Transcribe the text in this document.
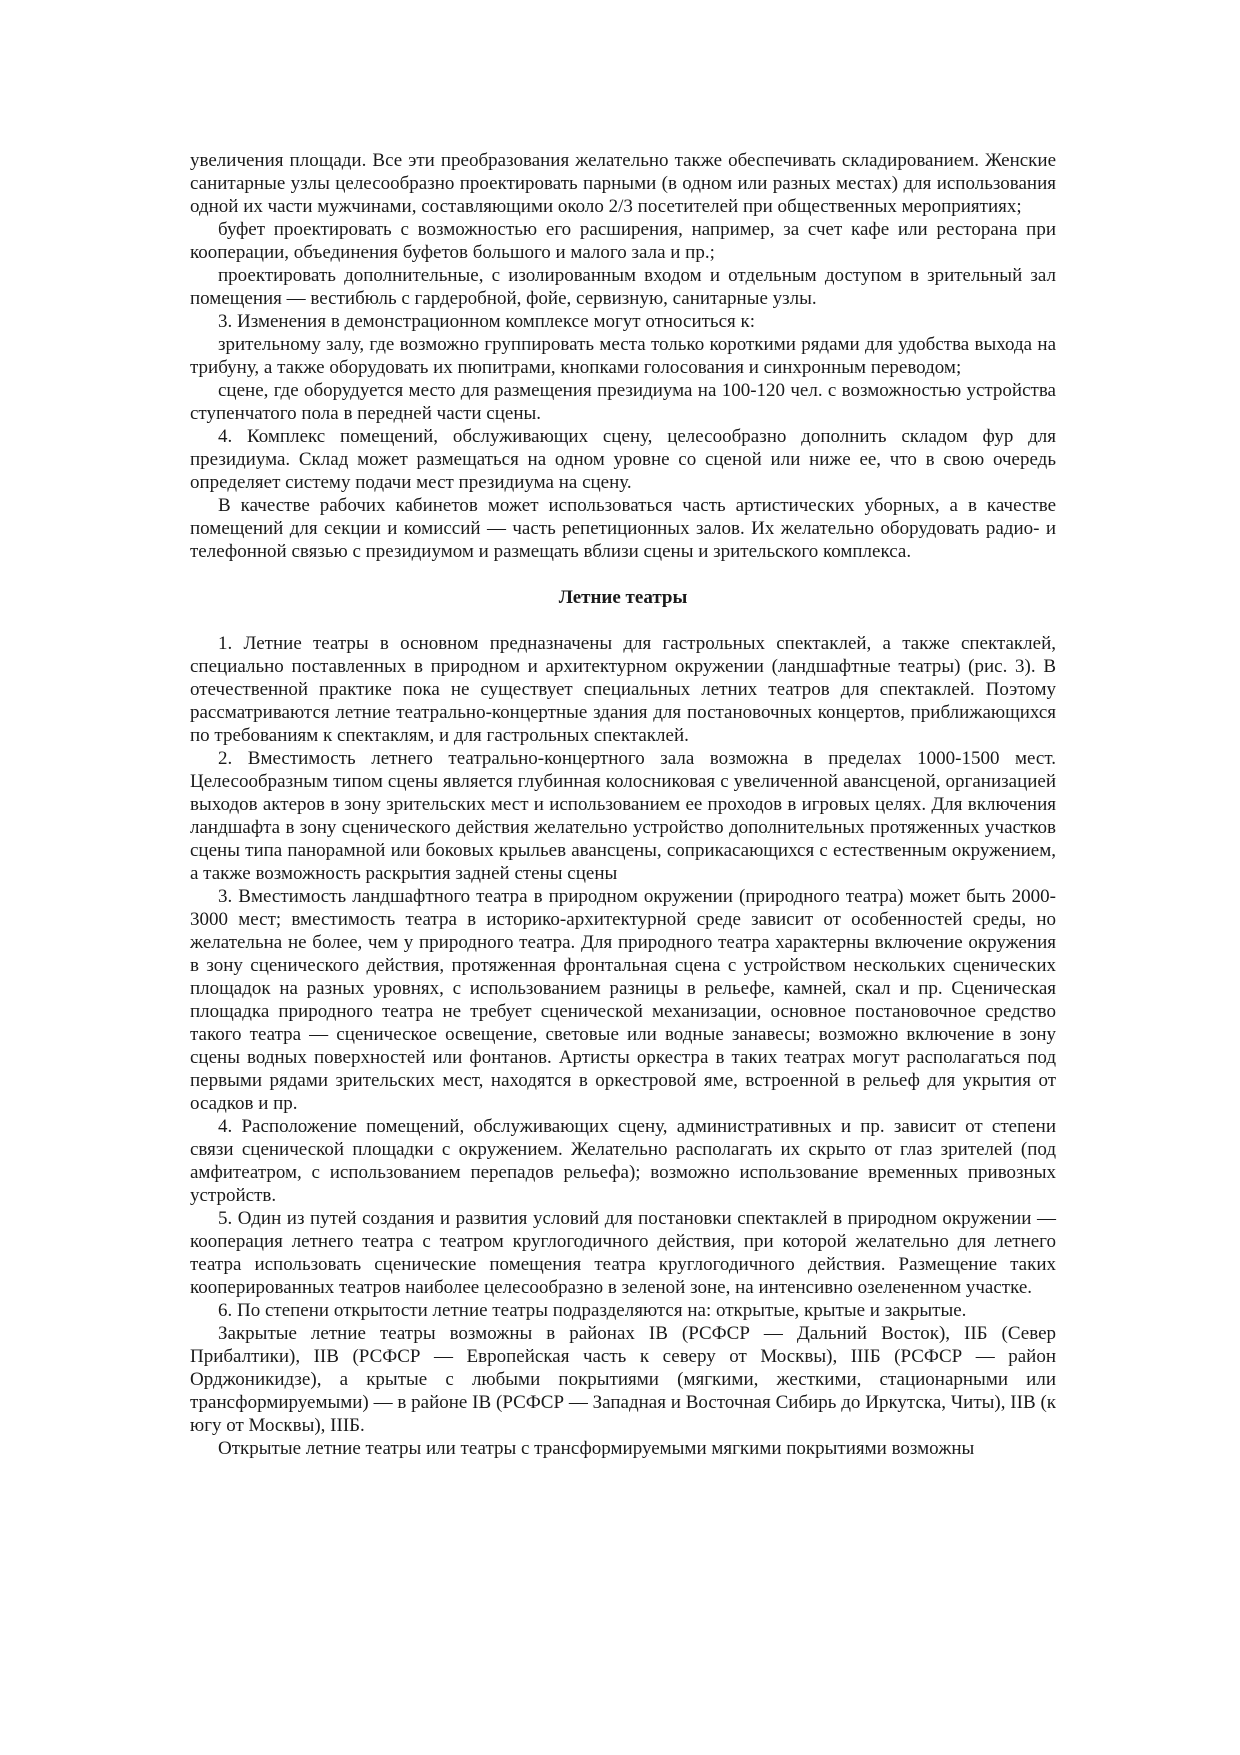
увеличения площади. Все эти преобразования желательно также обеспечивать складированием. Женские санитарные узлы целесообразно проектировать парными (в одном или разных местах) для использования одной их части мужчинами, составляющими около 2/3 посетителей при общественных мероприятиях;

буфет проектировать с возможностью его расширения, например, за счет кафе или ресторана при кооперации, объединения буфетов большого и малого зала и пр.;

проектировать дополнительные, с изолированным входом и отдельным доступом в зрительный зал помещения — вестибюль с гардеробной, фойе, сервизную, санитарные узлы.

3. Изменения в демонстрационном комплексе могут относиться к:

зрительному залу, где возможно группировать места только короткими рядами для удобства выхода на трибуну, а также оборудовать их пюпитрами, кнопками голосования и синхронным переводом;

сцене, где оборудуется место для размещения президиума на 100-120 чел. с возможностью устройства ступенчатого пола в передней части сцены.

4. Комплекс помещений, обслуживающих сцену, целесообразно дополнить складом фур для президиума. Склад может размещаться на одном уровне со сценой или ниже ее, что в свою очередь определяет систему подачи мест президиума на сцену.

В качестве рабочих кабинетов может использоваться часть артистических уборных, а в качестве помещений для секции и комиссий — часть репетиционных залов. Их желательно оборудовать радио- и телефонной связью с президиумом и размещать вблизи сцены и зрительского комплекса.

Летние театры

1. Летние театры в основном предназначены для гастрольных спектаклей, а также спектаклей, специально поставленных в природном и архитектурном окружении (ландшафтные театры) (рис. 3). В отечественной практике пока не существует специальных летних театров для спектаклей. Поэтому рассматриваются летние театрально-концертные здания для постановочных концертов, приближающихся по требованиям к спектаклям, и для гастрольных спектаклей.

2. Вместимость летнего театрально-концертного зала возможна в пределах 1000-1500 мест. Целесообразным типом сцены является глубинная колосниковая с увеличенной авансценой, организацией выходов актеров в зону зрительских мест и использованием ее проходов в игровых целях. Для включения ландшафта в зону сценического действия желательно устройство дополнительных протяженных участков сцены типа панорамной или боковых крыльев авансцены, соприкасающихся с естественным окружением, а также возможность раскрытия задней стены сцены

3. Вместимость ландшафтного театра в природном окружении (природного театра) может быть 2000-3000 мест; вместимость театра в историко-архитектурной среде зависит от особенностей среды, но желательна не более, чем у природного театра. Для природного театра характерны включение окружения в зону сценического действия, протяженная фронтальная сцена с устройством нескольких сценических площадок на разных уровнях, с использованием разницы в рельефе, камней, скал и пр. Сценическая площадка природного театра не требует сценической механизации, основное постановочное средство такого театра — сценическое освещение, световые или водные занавесы; возможно включение в зону сцены водных поверхностей или фонтанов. Артисты оркестра в таких театрах могут располагаться под первыми рядами зрительских мест, находятся в оркестровой яме, встроенной в рельеф для укрытия от осадков и пр.

4. Расположение помещений, обслуживающих сцену, административных и пр. зависит от степени связи сценической площадки с окружением. Желательно располагать их скрыто от глаз зрителей (под амфитеатром, с использованием перепадов рельефа); возможно использование временных привозных устройств.

5. Один из путей создания и развития условий для постановки спектаклей в природном окружении — кооперация летнего театра с театром круглогодичного действия, при которой желательно для летнего театра использовать сценические помещения театра круглогодичного действия. Размещение таких кооперированных театров наиболее целесообразно в зеленой зоне, на интенсивно озелененном участке.

6. По степени открытости летние театры подразделяются на: открытые, крытые и закрытые.

Закрытые летние театры возможны в районах IB (РСФСР — Дальний Восток), IIБ (Север Прибалтики), IIB (РСФСР — Европейская часть к северу от Москвы), IIIБ (РСФСР — район Орджоникидзе), а крытые с любыми покрытиями (мягкими, жесткими, стационарными или трансформируемыми) — в районе IB (РСФСР — Западная и Восточная Сибирь до Иркутска, Читы), IIB (к югу от Москвы), IIIБ.

Открытые летние театры или театры с трансформируемыми мягкими покрытиями возможны
